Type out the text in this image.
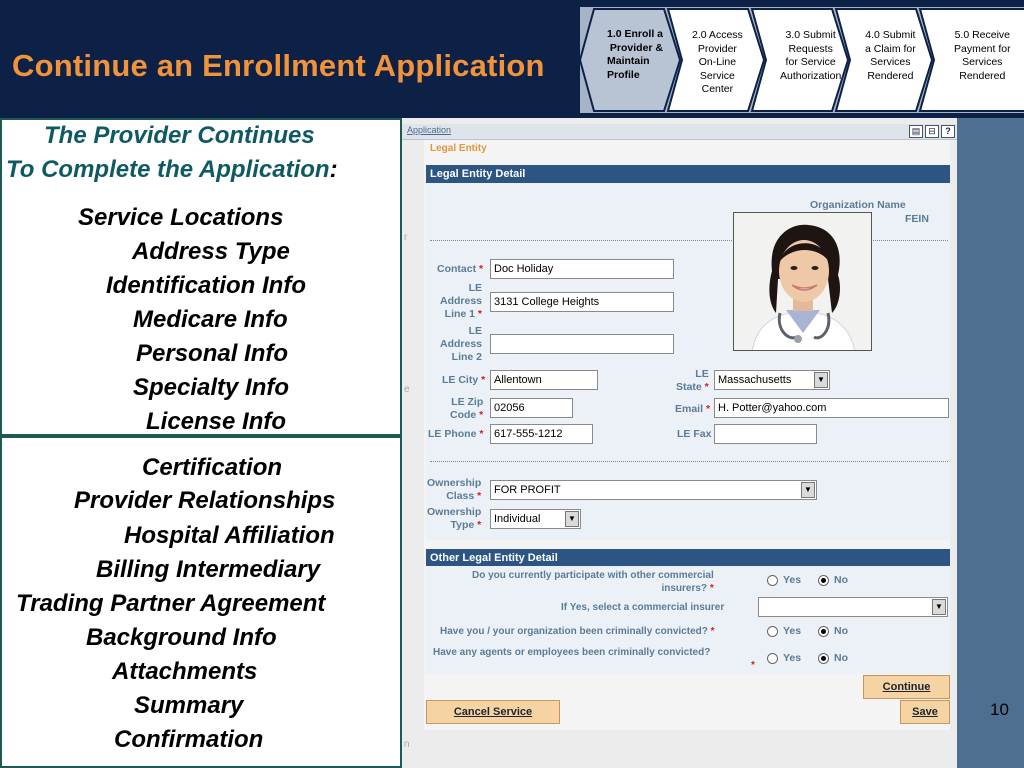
Continue an Enrollment Application
1.0 Enroll a
Provider &
Maintain
Profile
2.0 Access
Provider
On-Line
Service
Center
3.0 Submit
Requests
for Service
Authorization
4.0 Submit
a Claim for
Services
Rendered
5.0 Receive
Payment for
Services
Rendered
The Provider Continues
To Complete the Application:
Service Locations
Address Type
Identification Info
Medicare Info
Personal Info
Specialty Info
License Info
Certification
Provider Relationships
Hospital Affiliation
Billing Intermediary
Trading Partner Agreement
Background Info
Attachments
Summary
Confirmation
Application	▤ ⊟	?
r
e
n
Legal Entity
Legal Entity Detail
Organization Name
FEIN
Contact * Doc Holiday
LE
Address
Line 1 *
3131 College Heights
LE
Address
Line 2
LE City * Allentown	LE
State *
Massachusetts	▼
LE Zip
Code *
02056	Email * H. Potter@yahoo.com
LE Phone * 617-555-1212	LE Fax
Ownership
Class *	FOR PROFIT	▼
Ownership
Type *	Individual	▼
Other Legal Entity Detail
Do you currently participate with other commercial
insurers? *
Yes	No
If Yes, select a commercial insurer	▼
Have you / your organization been criminally convicted? *	Yes	No
Have any agents or employees been criminally convicted?
*
Yes	No
Continue
Cancel Service	Save	10
